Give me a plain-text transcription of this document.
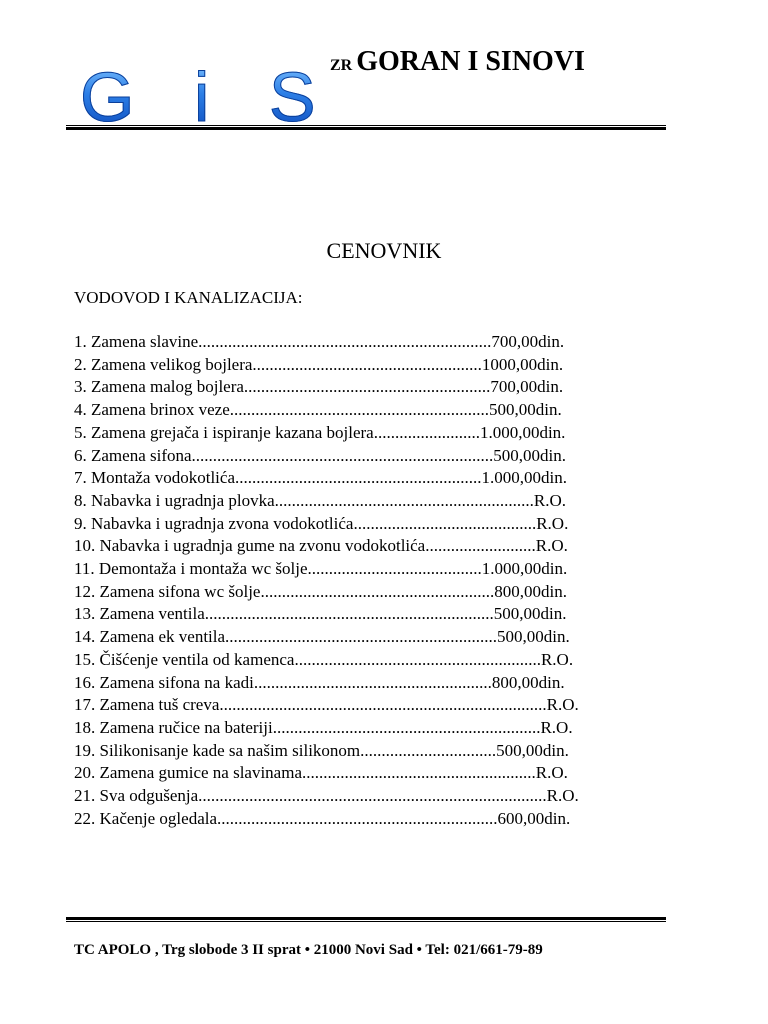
G i S
ZR GORAN I SINOVI
CENOVNIK
VODOVOD I KANALIZACIJA:
1. Zamena slavine.....................................................................700,00din.
2. Zamena velikog bojlera......................................................1000,00din.
3. Zamena malog bojlera..........................................................700,00din.
4. Zamena brinox veze.............................................................500,00din.
5. Zamena grejača i ispiranje kazana bojlera.........................1.000,00din.
6. Zamena sifona.......................................................................500,00din.
7. Montaža vodokotlića..........................................................1.000,00din.
8. Nabavka i ugradnja plovka.............................................................R.O.
9. Nabavka i ugradnja zvona vodokotlića...........................................R.O.
10. Nabavka i ugradnja gume na zvonu vodokotlića..........................R.O.
11. Demontaža i montaža wc šolje.........................................1.000,00din.
12. Zamena sifona wc šolje.......................................................800,00din.
13. Zamena ventila....................................................................500,00din.
14. Zamena ek ventila................................................................500,00din.
15. Čišćenje ventila od kamenca..........................................................R.O.
16. Zamena sifona na kadi........................................................800,00din.
17. Zamena tuš creva.............................................................................R.O.
18. Zamena ručice na bateriji...............................................................R.O.
19. Silikonisanje kade sa našim silikonom................................500,00din.
20. Zamena gumice na slavinama.......................................................R.O.
21. Sva odgušenja..................................................................................R.O.
22. Kačenje ogledala..................................................................600,00din.
TC APOLO , Trg slobode 3 II sprat • 21000 Novi Sad • Tel: 021/661-79-89
